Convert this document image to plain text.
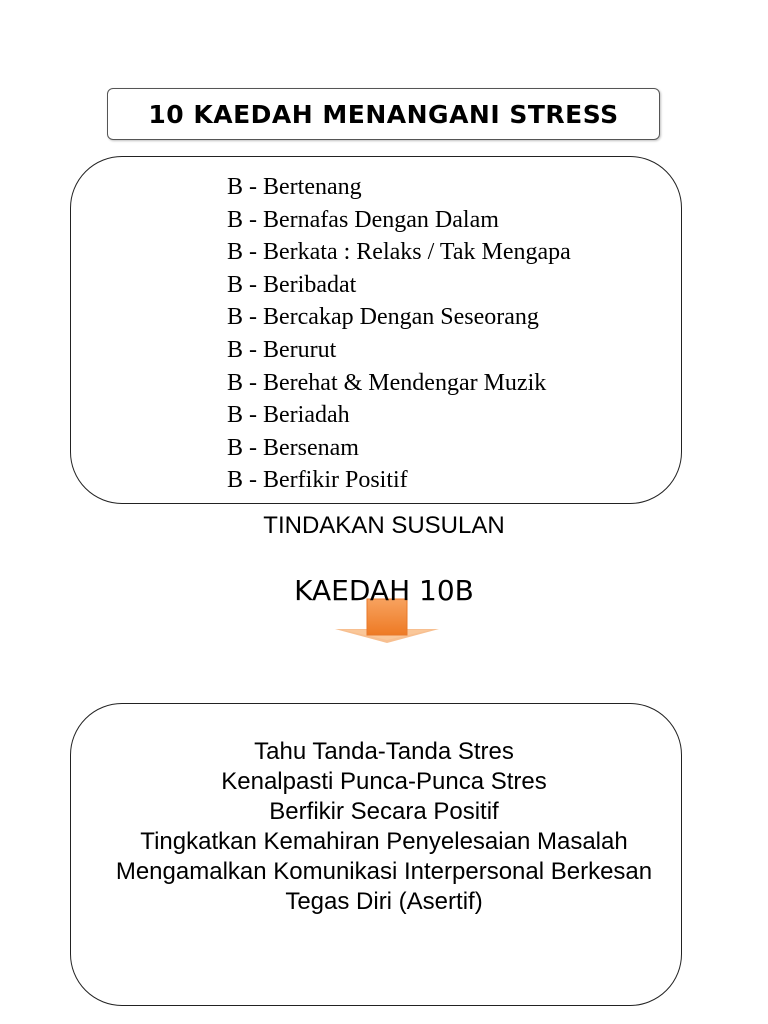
10 KAEDAH MENANGANI STRESS
B - Bertenang
B - Bernafas Dengan Dalam
B - Berkata : Relaks / Tak Mengapa
B - Beribadat
B - Bercakap Dengan Seseorang
B - Berurut
B - Berehat & Mendengar Muzik
B - Beriadah
B - Bersenam
B - Berfikir Positif
TINDAKAN SUSULAN
KAEDAH 10B
Tahu Tanda-Tanda Stres
Kenalpasti Punca-Punca Stres
Berfikir Secara Positif
Tingkatkan Kemahiran Penyelesaian Masalah
Mengamalkan Komunikasi Interpersonal Berkesan
Tegas Diri (Asertif)
